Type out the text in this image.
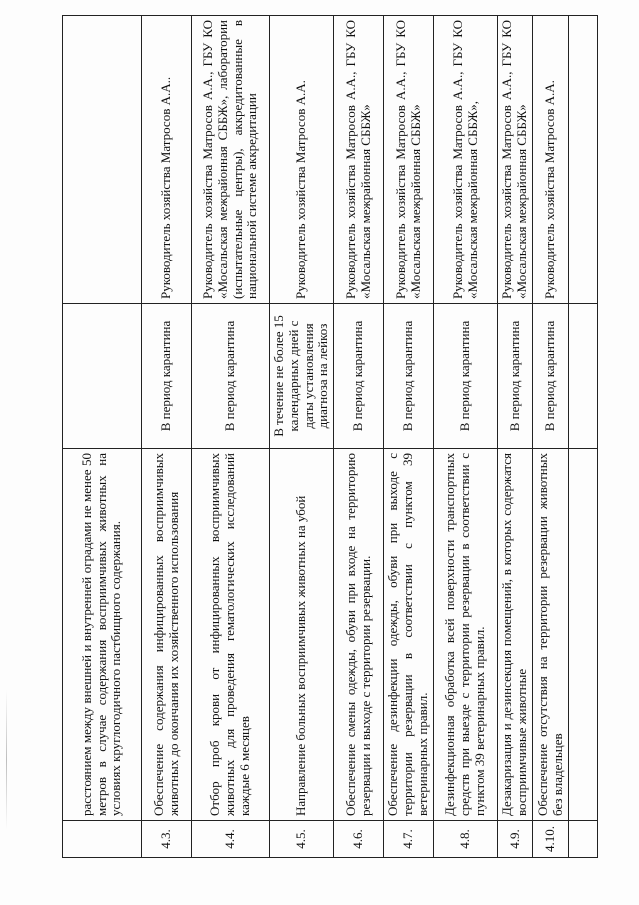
	расстоянием между внешней и внутренней оградами не менее 50 метров в случае содержания восприимчивых животных на условиях круглогодичного пастбищного содержания.		
4.3.	Обеспечение содержания инфицированных восприимчивых животных до окончания их хозяйственного использования	В период карантина	Руководитель хозяйства Матросов А.А..
4.4.	Отбор проб крови от инфицированных восприимчивых животных для проведения гематологических исследований каждые 6 месяцев	В период карантина	Руководитель хозяйства Матросов А.А., ГБУ КО «Мосальская межрайонная СББЖ», лаборатории (испытательные центры), аккредитованные в национальной системе аккредитации
4.5.	Направление больных восприимчивых животных на убой	В течение не более 15 календарных дней с даты установления диагноза на лейкоз	Руководитель хозяйства Матросов А.А.
4.6.	Обеспечение смены одежды, обуви при входе на территорию резервации и выходе с территории резервации.	В период карантина	Руководитель хозяйства Матросов А.А., ГБУ КО «Мосальская межрайонная СББЖ»
4.7.	Обеспечение дезинфекции одежды, обуви при выходе с территории резервации в соответствии с пунктом 39 ветеринарных правил.	В период карантина	Руководитель хозяйства Матросов А.А., ГБУ КО «Мосальская межрайонная СББЖ»
4.8.	Дезинфекционная обработка всей поверхности транспортных средств при выезде с территории резервации в соответствии с пунктом 39 ветеринарных правил.	В период карантина	Руководитель хозяйства Матросов А.А., ГБУ КО «Мосальская межрайонная СББЖ»,
4.9.	Дезакаризация и дезинсекция помещений, в которых содержатся восприимчивые животные	В период карантина	Руководитель хозяйства Матросов А.А., ГБУ КО «Мосальская межрайонная СББЖ»
4.10.	Обеспечение отсутствия на территории резервации животных без владельцев	В период карантина	Руководитель хозяйства Матросов А.А.
